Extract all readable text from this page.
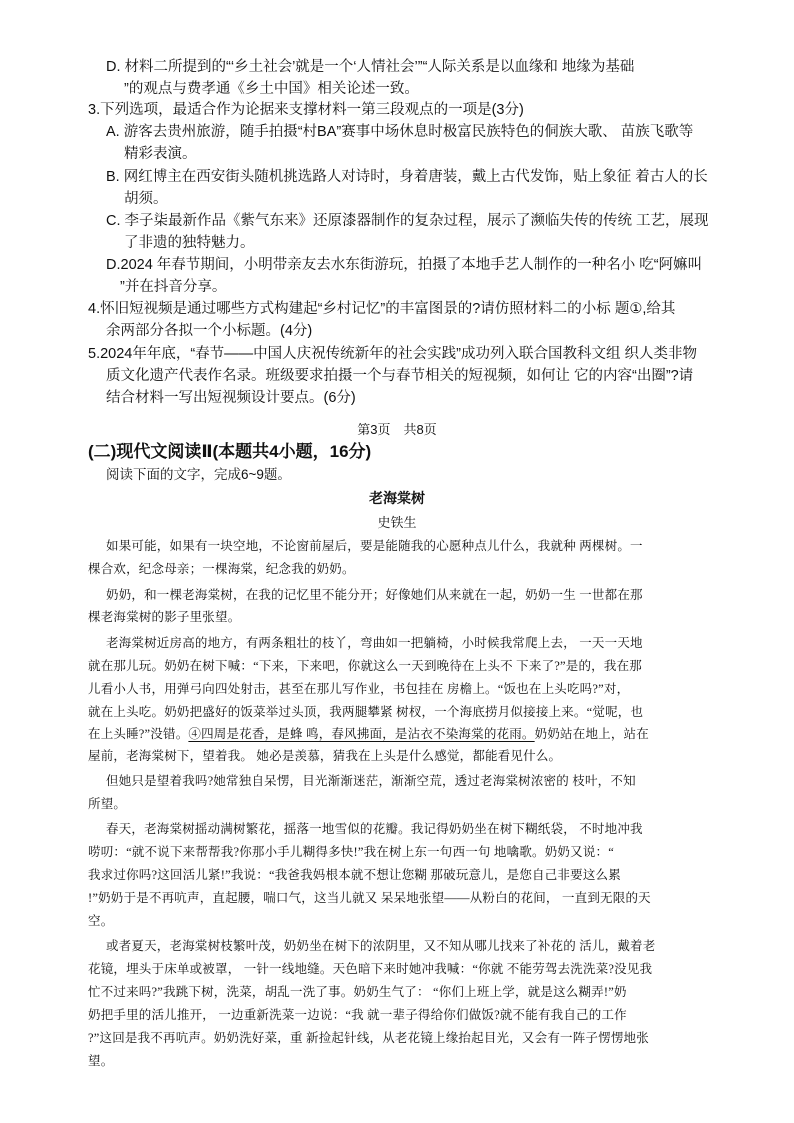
D. 材料二所提到的“‘乡土社会’就是一个‘人情社会’”“人际关系是以血缘和 地缘为基础
”的观点与费孝通《乡土中国》相关论述一致。
3.下列选项，最适合作为论据来支撑材料一第三段观点的一项是(3分)
A. 游客去贵州旅游，随手拍摄“村BA”赛事中场休息时极富民族特色的侗族大歌、 苗族飞歌等
精彩表演。
B. 网红博主在西安街头随机挑选路人对诗时，身着唐装，戴上古代发饰，贴上象征 着古人的长
胡须。
C. 李子柒最新作品《紫气东来》还原漆器制作的复杂过程，展示了濒临失传的传统 工艺，展现
了非遗的独特魅力。
D.2024 年春节期间，小明带亲友去水东街游玩，拍摄了本地手艺人制作的一种名小 吃“阿嫲叫
”并在抖音分享。
4.怀旧短视频是通过哪些方式构建起“乡村记忆”的丰富图景的?请仿照材料二的小标 题①,给其
余两部分各拟一个小标题。(4分)
5.2024年年底，“春节——中国人庆祝传统新年的社会实践”成功列入联合国教科文组 织人类非物
质文化遗产代表作名录。班级要求拍摄一个与春节相关的短视频，如何让 它的内容“出圈”?请
结合材料一写出短视频设计要点。(6分)
第3页　共8页
(二)现代文阅读Ⅱ(本题共4小题，16分)
阅读下面的文字，完成6~9题。
老海棠树
史铁生
如果可能，如果有一块空地，不论窗前屋后，要是能随我的心愿种点儿什么，我就种 两棵树。一
棵合欢，纪念母亲；一棵海棠，纪念我的奶奶。
奶奶，和一棵老海棠树，在我的记忆里不能分开；好像她们从来就在一起，奶奶一生 一世都在那
棵老海棠树的影子里张望。
老海棠树近房高的地方，有两条粗壮的枝丫，弯曲如一把躺椅，小时候我常爬上去， 一天一天地
就在那儿玩。奶奶在树下喊：“下来，下来吧，你就这么一天到晚待在上头不 下来了?”是的，我在那
儿看小人书，用弹弓向四处射击，甚至在那儿写作业，书包挂在 房檐上。“饭也在上头吃吗?”对，
就在上头吃。奶奶把盛好的饭菜举过头顶，我两腿攀紧 树杈，一个海底捞月似接接上来。“觉呢，也
在上头睡?”没错。④四周是花香，是蜂 鸣，春风拂面，是沾衣不染海棠的花雨。奶奶站在地上，站在
屋前，老海棠树下，望着我。 她必是羡慕，猜我在上头是什么感觉，都能看见什么。
但她只是望着我吗?她常独自呆愣，目光渐渐迷茫，渐渐空荒，透过老海棠树浓密的 枝叶，不知
所望。
春天，老海棠树摇动满树繁花，摇落一地雪似的花瓣。我记得奶奶坐在树下糊纸袋， 不时地冲我
唠叨：“就不说下来帮帮我?你那小手儿糊得多快!”我在树上东一句西一句 地噙歌。奶奶又说：“
我求过你吗?这回活儿紧!”我说：“我爸我妈根本就不想让您糊 那破玩意儿，是您自己非要这么累
!”奶奶于是不再吭声，直起腰，喘口气，这当儿就又 呆呆地张望——从粉白的花间， 一直到无限的天
空。
或者夏天，老海棠树枝繁叶茂，奶奶坐在树下的浓阴里，又不知从哪儿找来了补花的 活儿，戴着老
花镜，埋头于床单或被罩， 一针一线地缝。天色暗下来时她冲我喊：“你就 不能劳驾去洗洗菜?没见我
忙不过来吗?”我跳下树，洗菜，胡乱一洗了事。奶奶生气了： “你们上班上学，就是这么糊弄!”奶
奶把手里的活儿推开， 一边重新洗菜一边说：“我 就一辈子得给你们做饭?就不能有我自己的工作
?”这回是我不再吭声。奶奶洗好菜，重 新捡起针线，从老花镜上缘抬起目光，又会有一阵子愣愣地张
望。
